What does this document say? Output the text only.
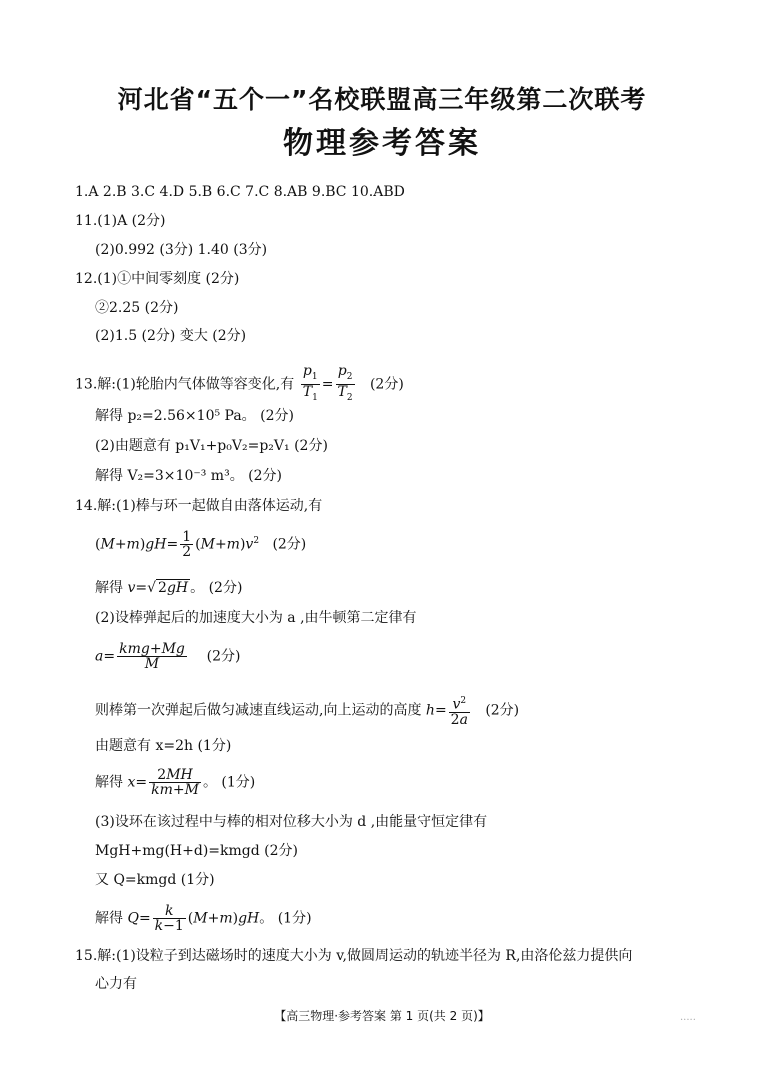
河北省“五个一”名校联盟高三年级第二次联考
物理参考答案
1.A 2.B 3.C 4.D 5.B 6.C 7.C 8.AB 9.BC 10.ABD
11.(1)A (2分)
(2)0.992 (3分) 1.40 (3分)
12.(1)①中间零刻度 (2分)
②2.25 (2分)
(2)1.5 (2分) 变大 (2分)
13.解:(1)轮胎内气体做等容变化,有 $\frac{p_1}{T_1} = \frac{p_2}{T_2} (2$分)
解得 p₂=2.56×10⁵ Pa。 (2分)
(2)由题意有 p₁V₁+p₀V₂=p₂V₁ (2分)
解得 V₂=3×10⁻³ m³。 (2分)
14.解:(1)棒与环一起做自由落体运动,有
$(M+m)gH= \frac{1}{2} (M+m)v^2$ (2分)
解得 v=√ 2gH 。 (2分)
(2)设棒弹起后的加速度大小为 a ,由牛顿第二定律有
$a= \frac{\text{kmg+Mg}}{M} (2$分)
则棒第一次弹起后做匀减速直线运动,向上运动的高度 $h= \frac{v^2}{2a} (2$分)
由题意有 x=2h (1分)
解得 $x= \frac{2MH}{km+M}$ 。 (1分)
(3)设环在该过程中与棒的相对位移大小为 d ,由能量守恒定律有
MgH+mg(H+d)=kmgd (2分)
又 Q=kmgd (1分)
解得 $Q= \frac{k}{k-1} (M+m)gH$。 (1分)
15.解:(1)设粒子到达磁场时的速度大小为 v,做圆周运动的轨迹半径为 R,由洛伦兹力提供向
心力有
【高三物理·参考答案 第 1 页(共 2 页)】	.....
